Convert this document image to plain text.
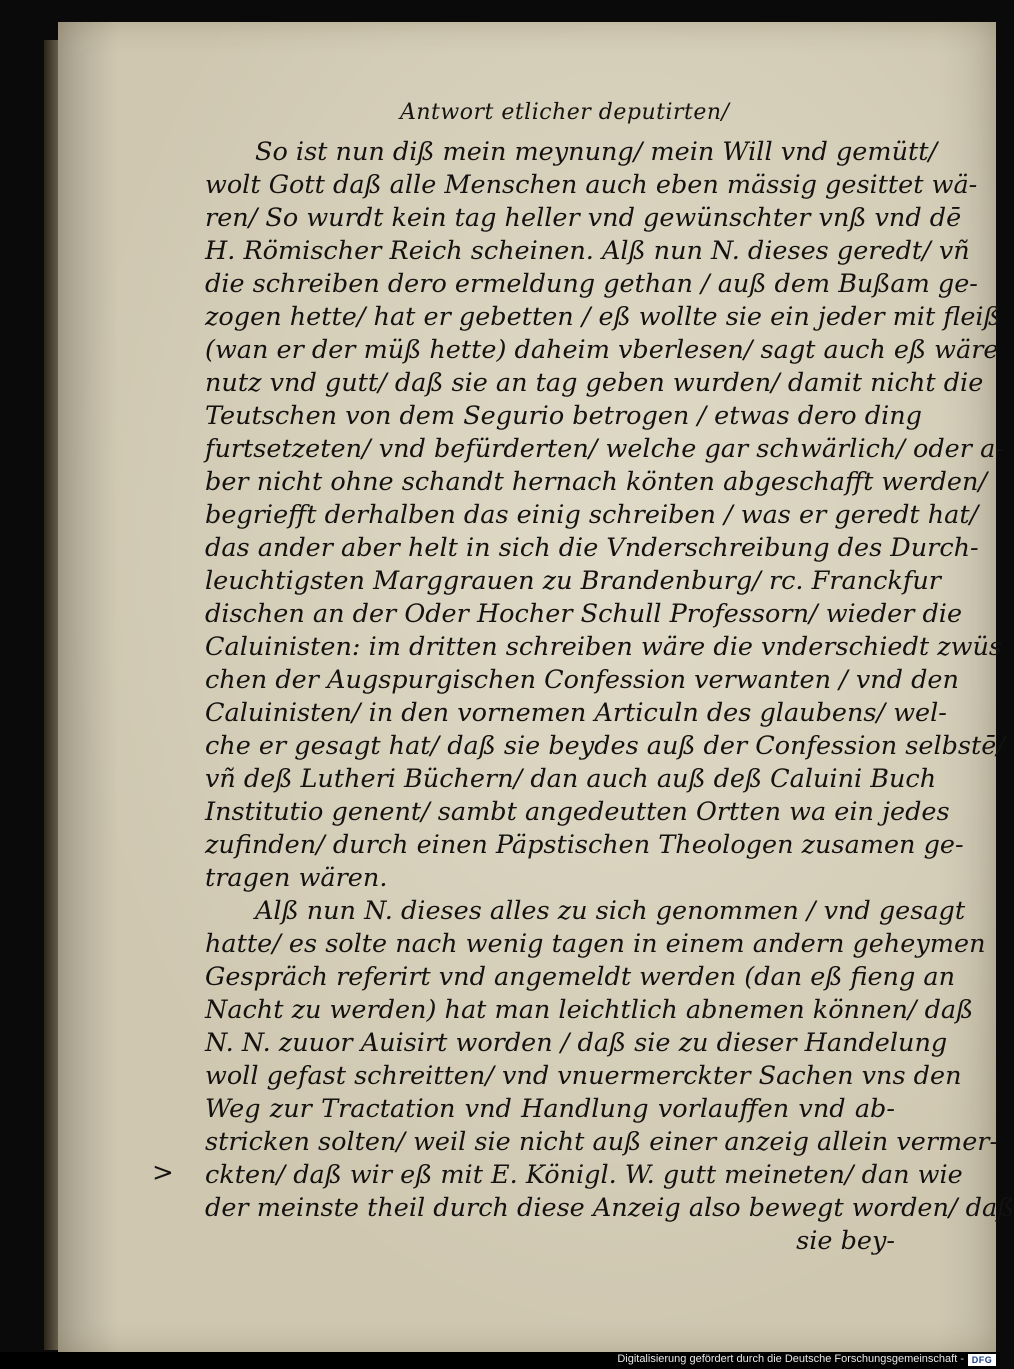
Antwort etlicher deputirten/
So ist nun diß mein meynung/ mein Will vnd gemütt/
wolt Gott daß alle Menschen auch eben mässig gesittet wä-
ren/ So wurdt kein tag heller vnd gewünschter vnß vnd dē
H. Römischer Reich scheinen. Alß nun N. dieses geredt/ vñ
die schreiben dero ermeldung gethan / auß dem Bußam ge-
zogen hette/ hat er gebetten / eß wollte sie ein jeder mit fleiß
(wan er der müß hette) daheim vberlesen/ sagt auch eß wäre
nutz vnd gutt/ daß sie an tag geben wurden/ damit nicht die
Teutschen von dem Segurio betrogen / etwas dero ding
furtsetzeten/ vnd befürderten/ welche gar schwärlich/ oder a-
ber nicht ohne schandt hernach könten abgeschafft werden/
begriefft derhalben das einig schreiben / was er geredt hat/
das ander aber helt in sich die Vnderschreibung des Durch-
leuchtigsten Marggrauen zu Brandenburg/ rc. Franckfur
dischen an der Oder Hocher Schull Professorn/ wieder die
Caluinisten: im dritten schreiben wäre die vnderschiedt zwüs
chen der Augspurgischen Confession verwanten / vnd den
Caluinisten/ in den vornemen Articuln des glaubens/ wel-
che er gesagt hat/ daß sie beydes auß der Confession selbstē/
vñ deß Lutheri Büchern/ dan auch auß deß Caluini Buch
Institutio genent/ sambt angedeutten Ortten wa ein jedes
zufinden/ durch einen Päpstischen Theologen zusamen ge-
tragen wären.
Alß nun N. dieses alles zu sich genommen / vnd gesagt
hatte/ es solte nach wenig tagen in einem andern geheymen
Gespräch referirt vnd angemeldt werden (dan eß fieng an
Nacht zu werden) hat man leichtlich abnemen können/ daß
N. N. zuuor Auisirt worden / daß sie zu dieser Handelung
woll gefast schreitten/ vnd vnuermerckter Sachen vns den
Weg zur Tractation vnd Handlung vorlauffen vnd ab-
stricken solten/ weil sie nicht auß einer anzeig allein vermer-
ckten/ daß wir eß mit E. Königl. W. gutt meineten/ dan wie
der meinste theil durch diese Anzeig also bewegt worden/ daß
sie bey-
>
Digitalisierung gefördert durch die Deutsche Forschungsgemeinschaft - DFG
